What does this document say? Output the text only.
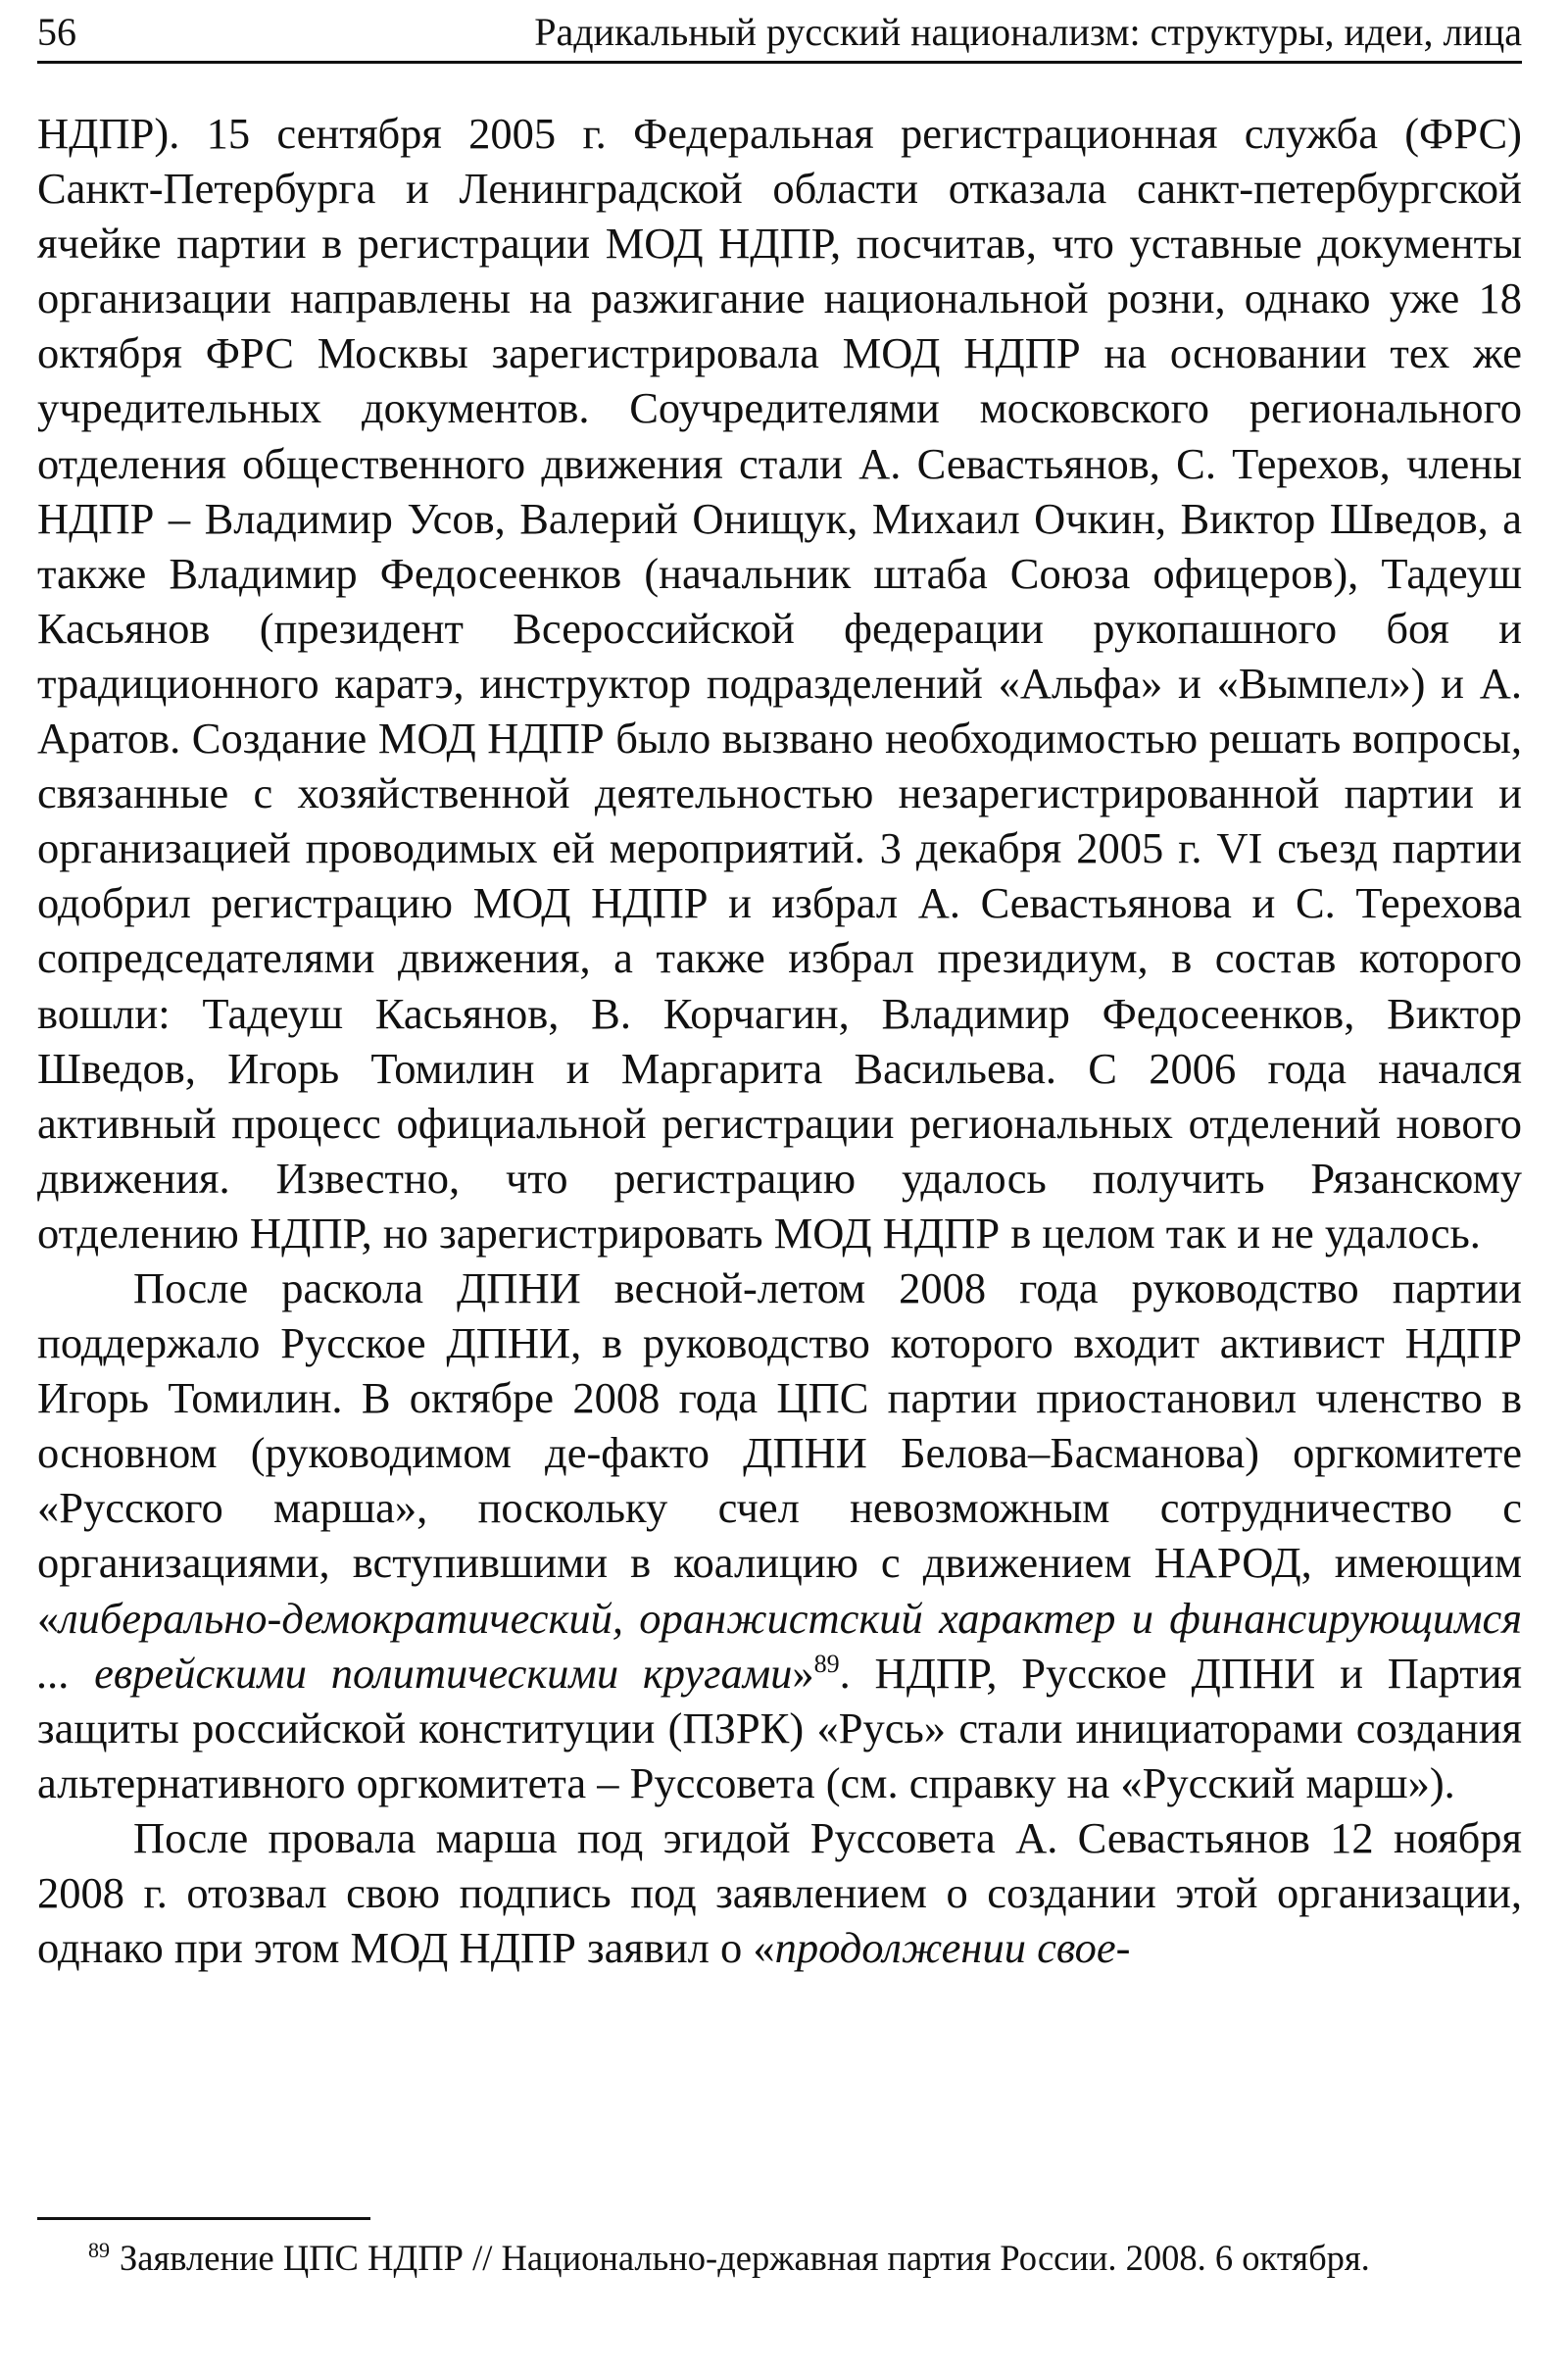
56	Радикальный русский национализм: структуры, идеи, лица

НДПР). 15 сентября 2005 г. Федеральная регистрационная служба (ФРС) Санкт-Петербурга и Ленинградской области отказала санкт-петербургской ячейке партии в регистрации МОД НДПР, посчитав, что уставные документы организации направлены на разжигание национальной розни, однако уже 18 октября ФРС Москвы зарегистрировала МОД НДПР на основании тех же учредительных документов. Соучредителями московского регионального отделения общественного движения стали А. Севастьянов, С. Терехов, члены НДПР – Владимир Усов, Валерий Онищук, Михаил Очкин, Виктор Шведов, а также Владимир Федосеенков (начальник штаба Союза офицеров), Тадеуш Касьянов (президент Всероссийской федерации рукопашного боя и традиционного каратэ, инструктор подразделений «Альфа» и «Вымпел») и А. Аратов. Создание МОД НДПР было вызвано необходимостью решать вопросы, связанные с хозяйственной деятельностью незарегистрированной партии и организацией проводимых ей мероприятий. 3 декабря 2005 г. VI съезд партии одобрил регистрацию МОД НДПР и избрал А. Севастьянова и С. Терехова сопредседателями движения, а также избрал президиум, в состав которого вошли: Тадеуш Касьянов, В. Корчагин, Владимир Федосеенков, Виктор Шведов, Игорь Томилин и Маргарита Васильева. С 2006 года начался активный процесс официальной регистрации региональных отделений нового движения. Известно, что регистрацию удалось получить Рязанскому отделению НДПР, но зарегистрировать МОД НДПР в целом так и не удалось.

После раскола ДПНИ весной-летом 2008 года руководство партии поддержало Русское ДПНИ, в руководство которого входит активист НДПР Игорь Томилин. В октябре 2008 года ЦПС партии приостановил членство в основном (руководимом де-факто ДПНИ Белова–Басманова) оргкомитете «Русского марша», поскольку счел невозможным сотрудничество с организациями, вступившими в коалицию с движением НАРОД, имеющим «либерально-демократический, оранжистский характер и финансирующимся ... еврейскими политическими кругами»$^{89}$. НДПР, Русское ДПНИ и Партия защиты российской конституции (ПЗРК) «Русь» стали инициаторами создания альтернативного оргкомитета – Руссовета (см. справку на «Русский марш»).

После провала марша под эгидой Руссовета А. Севастьянов 12 ноября 2008 г. отозвал свою подпись под заявлением о создании этой организации, однако при этом МОД НДПР заявил о «продолжении свое-

$^{89}$ Заявление ЦПС НДПР // Национально-державная партия России. 2008. 6 октября.
